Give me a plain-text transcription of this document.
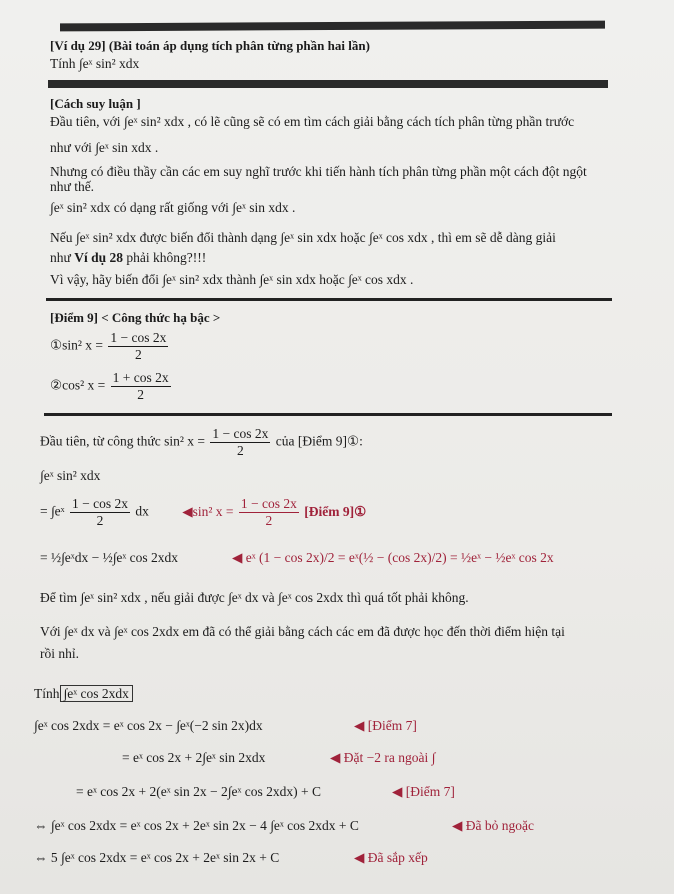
[Ví dụ 29] (Bài toán áp dụng tích phân từng phần hai lần)
Tính ∫eˣ sin² xdx
[Cách suy luận ]
Đầu tiên, với ∫eˣ sin² xdx , có lẽ cũng sẽ có em tìm cách giải bằng cách tích phân từng phần trước
như với ∫eˣ sin xdx .
Nhưng có điều thầy cần các em suy nghĩ trước khi tiến hành tích phân từng phần một cách đột ngột
như thế.
∫eˣ sin² xdx có dạng rất giống với ∫eˣ sin xdx .
Nếu ∫eˣ sin² xdx được biến đổi thành dạng ∫eˣ sin xdx hoặc ∫eˣ cos xdx , thì em sẽ dễ dàng giải
như Ví dụ 28 phải không?!!!
Vì vậy, hãy biến đổi ∫eˣ sin² xdx thành ∫eˣ sin xdx hoặc ∫eˣ cos xdx .
[Điểm 9] < Công thức hạ bậc >
①sin² $x = \frac{1 - \cos 2x}{2}$
②cos² $x = \frac{1 + \cos 2x}{2}$
Đầu tiên, từ công thức sin² $x = \frac{1 - \cos 2x}{2}$ của [Điểm 9]①:
∫eˣ sin² xdx
= ∫eˣ $\frac{1 - \cos 2x}{2}$ dx ◀sin² $x = \frac{1 - \cos 2x}{2}$ [Điểm 9]①
= ½∫eˣdx − ½∫eˣ cos 2xdx	◀ eˣ (1 − cos 2x)/2 = eˣ(½ − (cos 2x)/2) = ½eˣ − ½eˣ cos 2x
Để tìm ∫eˣ sin² xdx , nếu giải được ∫eˣ dx và ∫eˣ cos 2xdx thì quá tốt phải không.
Với ∫eˣ dx và ∫eˣ cos 2xdx em đã có thể giải bằng cách các em đã được học đến thời điểm hiện tại
rồi nhỉ.
Tính ∫eˣ cos 2xdx
∫eˣ cos 2xdx = eˣ cos 2x − ∫eˣ(−2 sin 2x)dx	◀ [Điểm 7]
= eˣ cos 2x + 2∫eˣ sin 2xdx	◀ Đặt −2 ra ngoài ∫
= eˣ cos 2x + 2(eˣ sin 2x − 2∫eˣ cos 2xdx) + C	◀ [Điểm 7]
⇔ ∫eˣ cos 2xdx = eˣ cos 2x + 2eˣ sin 2x − 4 ∫eˣ cos 2xdx + C	◀ Đã bỏ ngoặc
⇔ 5 ∫eˣ cos 2xdx = eˣ cos 2x + 2eˣ sin 2x + C	◀ Đã sắp xếp
